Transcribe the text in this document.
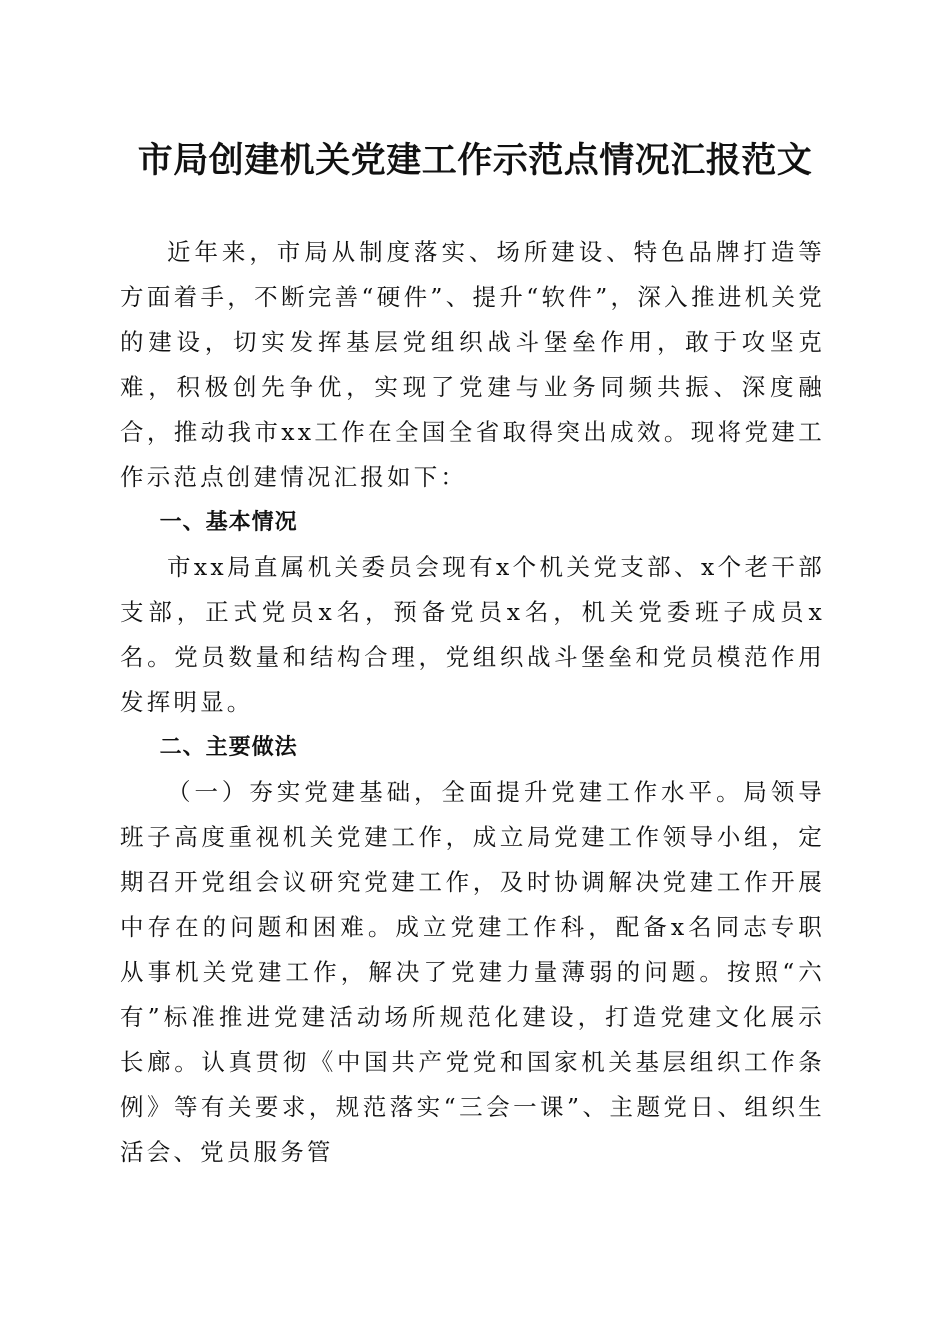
市局创建机关党建工作示范点情况汇报范文

近年来，市局从制度落实、场所建设、特色品牌打造等方面着手，不断完善“硬件”、提升“软件”，深入推进机关党的建设，切实发挥基层党组织战斗堡垒作用，敢于攻坚克难，积极创先争优，实现了党建与业务同频共振、深度融合，推动我市xx工作在全国全省取得突出成效。现将党建工作示范点创建情况汇报如下：

一、基本情况

市xx局直属机关委员会现有x个机关党支部、x个老干部支部，正式党员x名，预备党员x名，机关党委班子成员x名。党员数量和结构合理，党组织战斗堡垒和党员模范作用发挥明显。

二、主要做法

（一）夯实党建基础，全面提升党建工作水平。局领导班子高度重视机关党建工作，成立局党建工作领导小组，定期召开党组会议研究党建工作，及时协调解决党建工作开展中存在的问题和困难。成立党建工作科，配备x名同志专职从事机关党建工作，解决了党建力量薄弱的问题。按照“六有”标准推进党建活动场所规范化建设，打造党建文化展示长廊。认真贯彻《中国共产党党和国家机关基层组织工作条例》等有关要求，规范落实“三会一课”、主题党日、组织生活会、党员服务管
